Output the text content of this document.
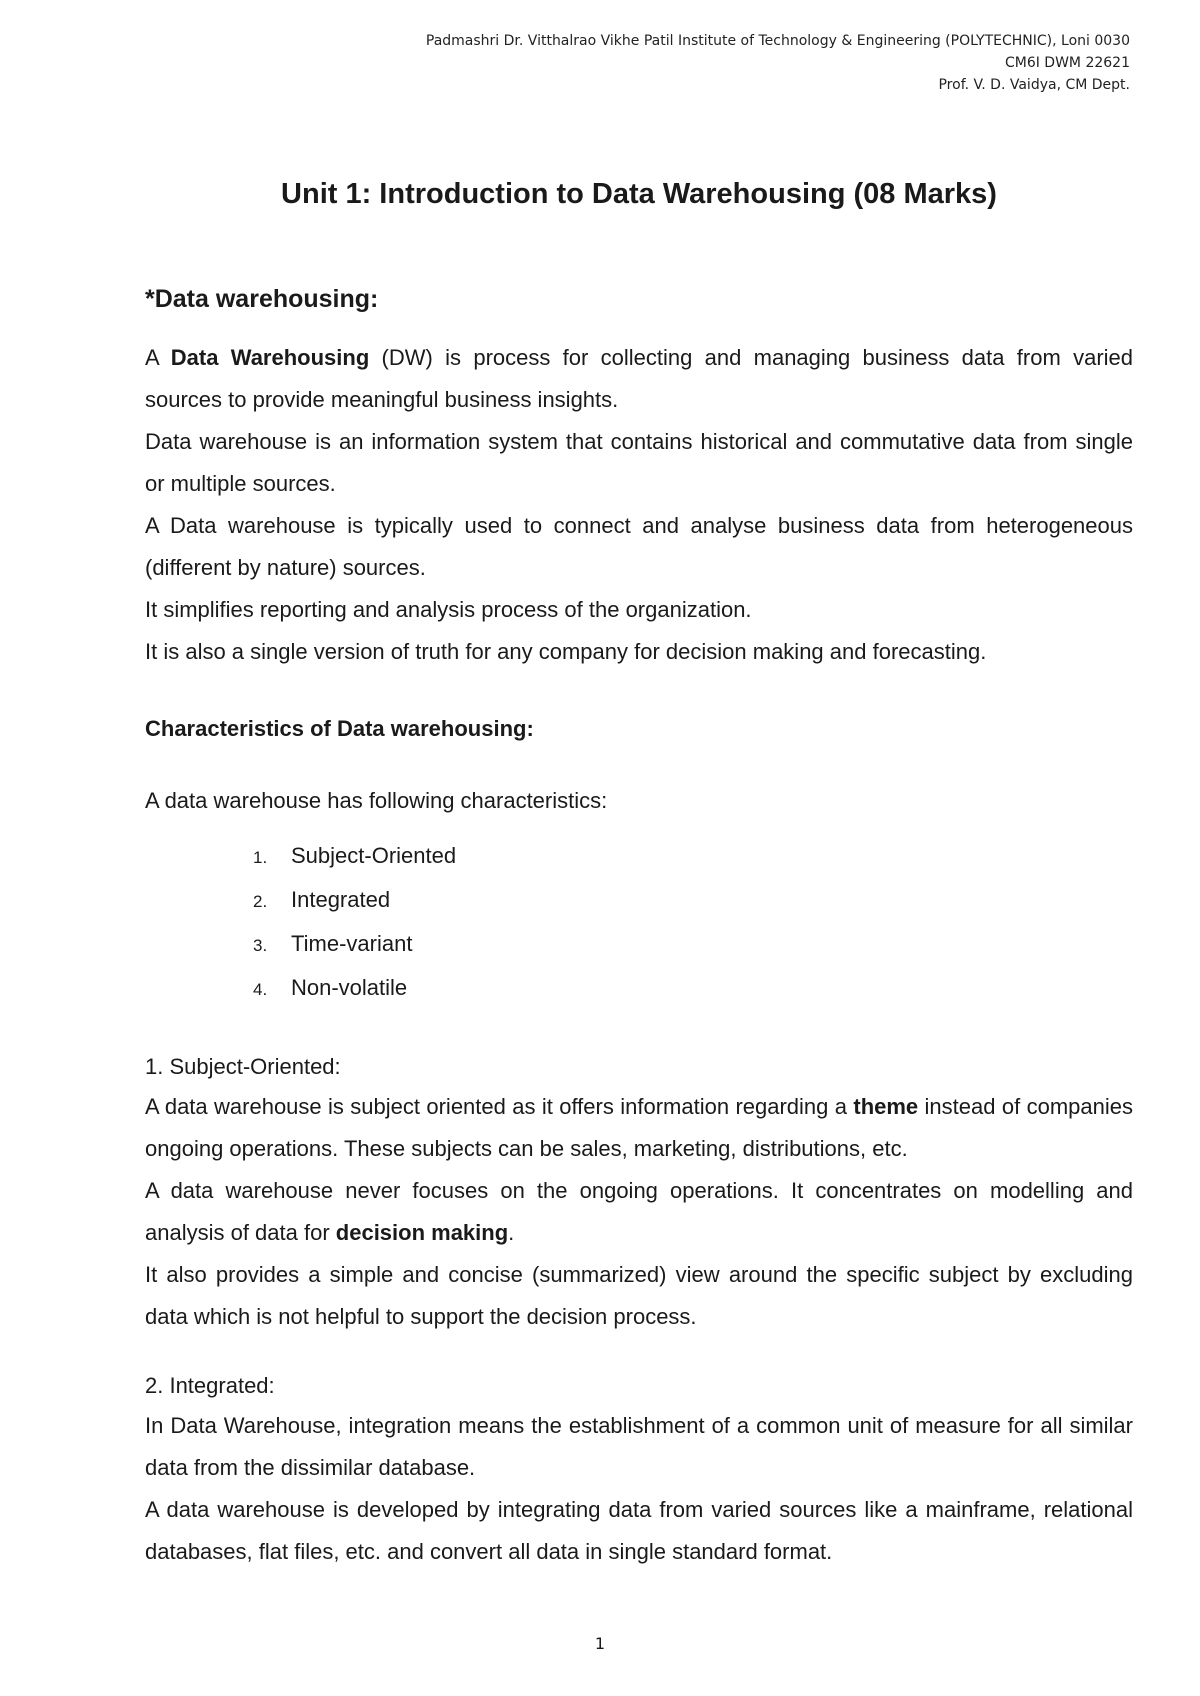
Padmashri Dr. Vitthalrao Vikhe Patil Institute of Technology & Engineering (POLYTECHNIC), Loni 0030
CM6I DWM 22621
Prof. V. D. Vaidya, CM Dept.
Unit 1: Introduction to Data Warehousing (08 Marks)
*Data warehousing:

A Data Warehousing (DW) is process for collecting and managing business data from varied sources to provide meaningful business insights.

Data warehouse is an information system that contains historical and commutative data from single or multiple sources.

A Data warehouse is typically used to connect and analyse business data from heterogeneous (different by nature) sources.

It simplifies reporting and analysis process of the organization.

It is also a single version of truth for any company for decision making and forecasting.

Characteristics of Data warehousing:
A data warehouse has following characteristics:
1. Subject-Oriented
2. Integrated
3. Time-variant
4. Non-volatile
1. Subject-Oriented:

A data warehouse is subject oriented as it offers information regarding a theme instead of companies ongoing operations. These subjects can be sales, marketing, distributions, etc.

A data warehouse never focuses on the ongoing operations. It concentrates on modelling and analysis of data for decision making.

It also provides a simple and concise (summarized) view around the specific subject by excluding data which is not helpful to support the decision process.

2. Integrated:

In Data Warehouse, integration means the establishment of a common unit of measure for all similar data from the dissimilar database.

A data warehouse is developed by integrating data from varied sources like a mainframe, relational databases, flat files, etc. and convert all data in single standard format.

1
